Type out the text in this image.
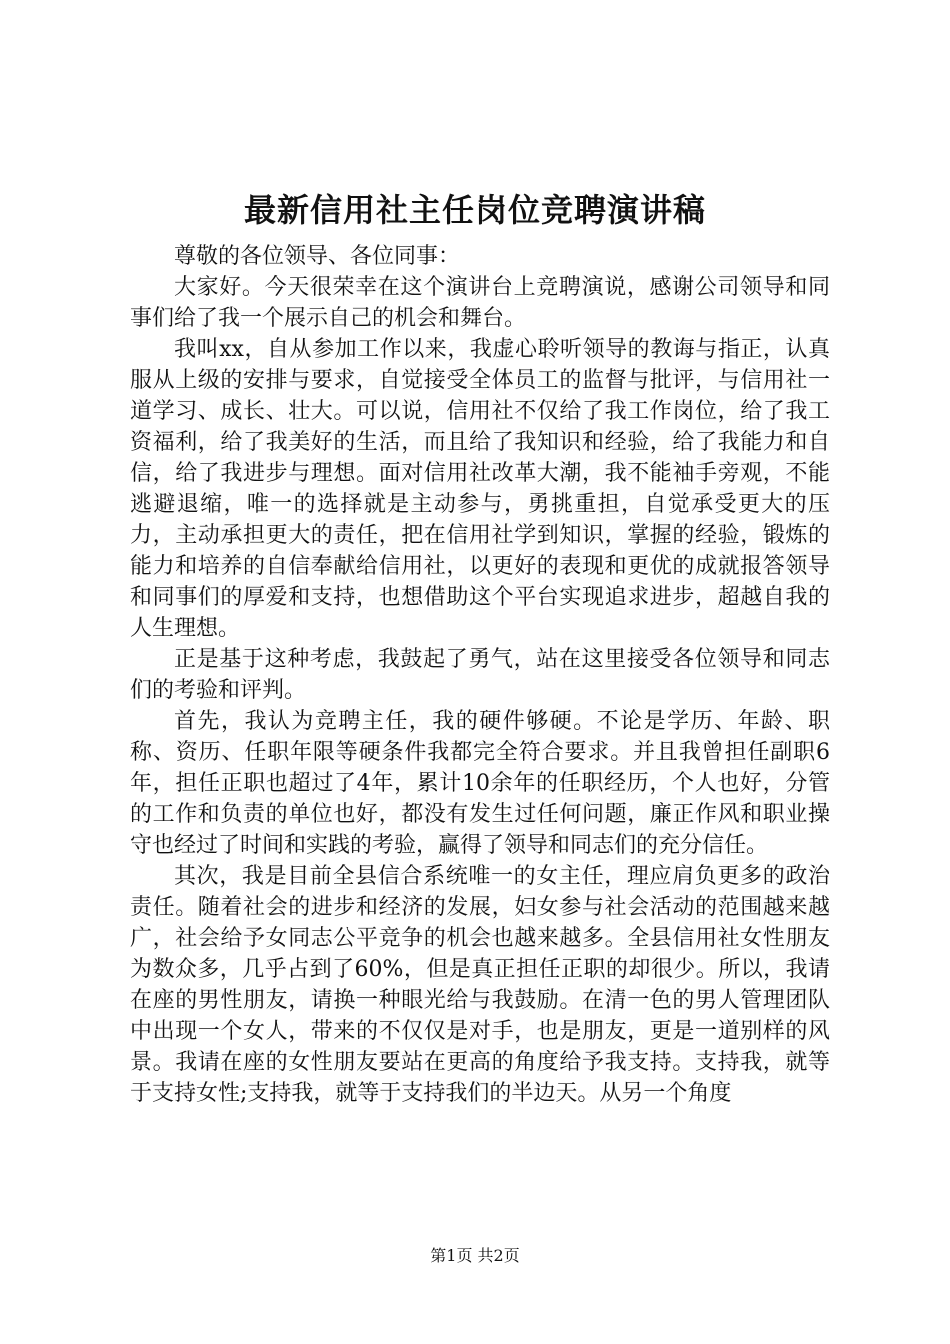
最新信用社主任岗位竞聘演讲稿

尊敬的各位领导、各位同事：

大家好。今天很荣幸在这个演讲台上竞聘演说，感谢公司领导和同事们给了我一个展示自己的机会和舞台。

我叫xx，自从参加工作以来，我虚心聆听领导的教诲与指正，认真服从上级的安排与要求，自觉接受全体员工的监督与批评，与信用社一道学习、成长、壮大。可以说，信用社不仅给了我工作岗位，给了我工资福利，给了我美好的生活，而且给了我知识和经验，给了我能力和自信，给了我进步与理想。面对信用社改革大潮，我不能袖手旁观，不能逃避退缩，唯一的选择就是主动参与，勇挑重担，自觉承受更大的压力，主动承担更大的责任，把在信用社学到知识，掌握的经验，锻炼的能力和培养的自信奉献给信用社，以更好的表现和更优的成就报答领导和同事们的厚爱和支持，也想借助这个平台实现追求进步，超越自我的人生理想。

正是基于这种考虑，我鼓起了勇气，站在这里接受各位领导和同志们的考验和评判。

首先，我认为竞聘主任，我的硬件够硬。不论是学历、年龄、职称、资历、任职年限等硬条件我都完全符合要求。并且我曾担任副职6年，担任正职也超过了4年，累计10余年的任职经历，个人也好，分管的工作和负责的单位也好，都没有发生过任何问题，廉正作风和职业操守也经过了时间和实践的考验，赢得了领导和同志们的充分信任。

其次，我是目前全县信合系统唯一的女主任，理应肩负更多的政治责任。随着社会的进步和经济的发展，妇女参与社会活动的范围越来越广，社会给予女同志公平竞争的机会也越来越多。全县信用社女性朋友为数众多，几乎占到了60%，但是真正担任正职的却很少。所以，我请在座的男性朋友，请换一种眼光给与我鼓励。在清一色的男人管理团队中出现一个女人，带来的不仅仅是对手，也是朋友，更是一道别样的风景。我请在座的女性朋友要站在更高的角度给予我支持。支持我，就等于支持女性;支持我，就等于支持我们的半边天。从另一个角度

第1页 共2页
